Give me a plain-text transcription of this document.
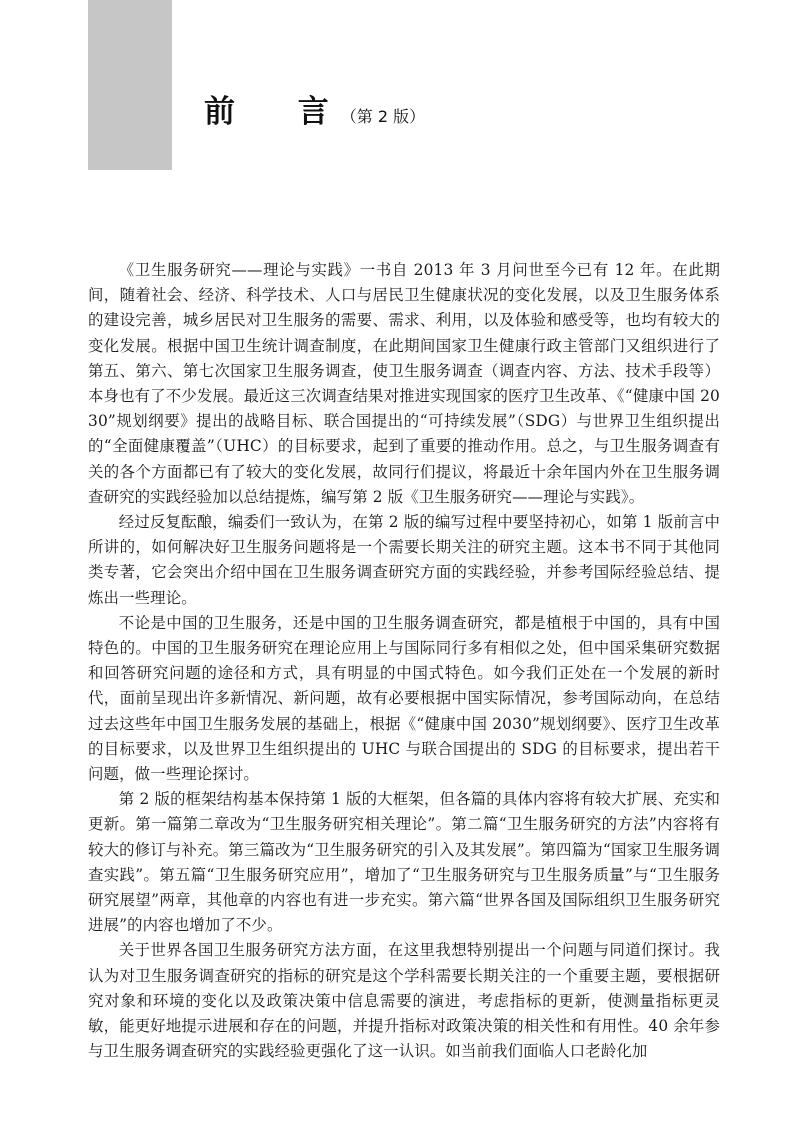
前 言
（第 2 版）

《卫生服务研究——理论与实践》一书自 2013 年 3 月问世至今已有 12 年。在此期间，随着社会、经济、科学技术、人口与居民卫生健康状况的变化发展，以及卫生服务体系的建设完善，城乡居民对卫生服务的需要、需求、利用，以及体验和感受等，也均有较大的变化发展。根据中国卫生统计调查制度，在此期间国家卫生健康行政主管部门又组织进行了第五、第六、第七次国家卫生服务调查，使卫生服务调查（调查内容、方法、技术手段等）本身也有了不少发展。最近这三次调查结果对推进实现国家的医疗卫生改革、《“健康中国 2030”规划纲要》提出的战略目标、联合国提出的“可持续发展”（SDG）与世界卫生组织提出的“全面健康覆盖”（UHC）的目标要求，起到了重要的推动作用。总之，与卫生服务调查有关的各个方面都已有了较大的变化发展，故同行们提议，将最近十余年国内外在卫生服务调查研究的实践经验加以总结提炼，编写第 2 版《卫生服务研究——理论与实践》。

经过反复酝酿，编委们一致认为，在第 2 版的编写过程中要坚持初心，如第 1 版前言中所讲的，如何解决好卫生服务问题将是一个需要长期关注的研究主题。这本书不同于其他同类专著，它会突出介绍中国在卫生服务调查研究方面的实践经验，并参考国际经验总结、提炼出一些理论。

不论是中国的卫生服务，还是中国的卫生服务调查研究，都是植根于中国的，具有中国特色的。中国的卫生服务研究在理论应用上与国际同行多有相似之处，但中国采集研究数据和回答研究问题的途径和方式，具有明显的中国式特色。如今我们正处在一个发展的新时代，面前呈现出许多新情况、新问题，故有必要根据中国实际情况，参考国际动向，在总结过去这些年中国卫生服务发展的基础上，根据《“健康中国 2030”规划纲要》、医疗卫生改革的目标要求，以及世界卫生组织提出的 UHC 与联合国提出的 SDG 的目标要求，提出若干问题，做一些理论探讨。

第 2 版的框架结构基本保持第 1 版的大框架，但各篇的具体内容将有较大扩展、充实和更新。第一篇第二章改为“卫生服务研究相关理论”。第二篇“卫生服务研究的方法”内容将有较大的修订与补充。第三篇改为“卫生服务研究的引入及其发展”。第四篇为“国家卫生服务调查实践”。第五篇“卫生服务研究应用”，增加了“卫生服务研究与卫生服务质量”与“卫生服务研究展望”两章，其他章的内容也有进一步充实。第六篇“世界各国及国际组织卫生服务研究进展”的内容也增加了不少。

关于世界各国卫生服务研究方法方面，在这里我想特别提出一个问题与同道们探讨。我认为对卫生服务调查研究的指标的研究是这个学科需要长期关注的一个重要主题，要根据研究对象和环境的变化以及政策决策中信息需要的演进，考虑指标的更新，使测量指标更灵敏，能更好地提示进展和存在的问题，并提升指标对政策决策的相关性和有用性。40 余年参与卫生服务调查研究的实践经验更强化了这一认识。如当前我们面临人口老龄化加
